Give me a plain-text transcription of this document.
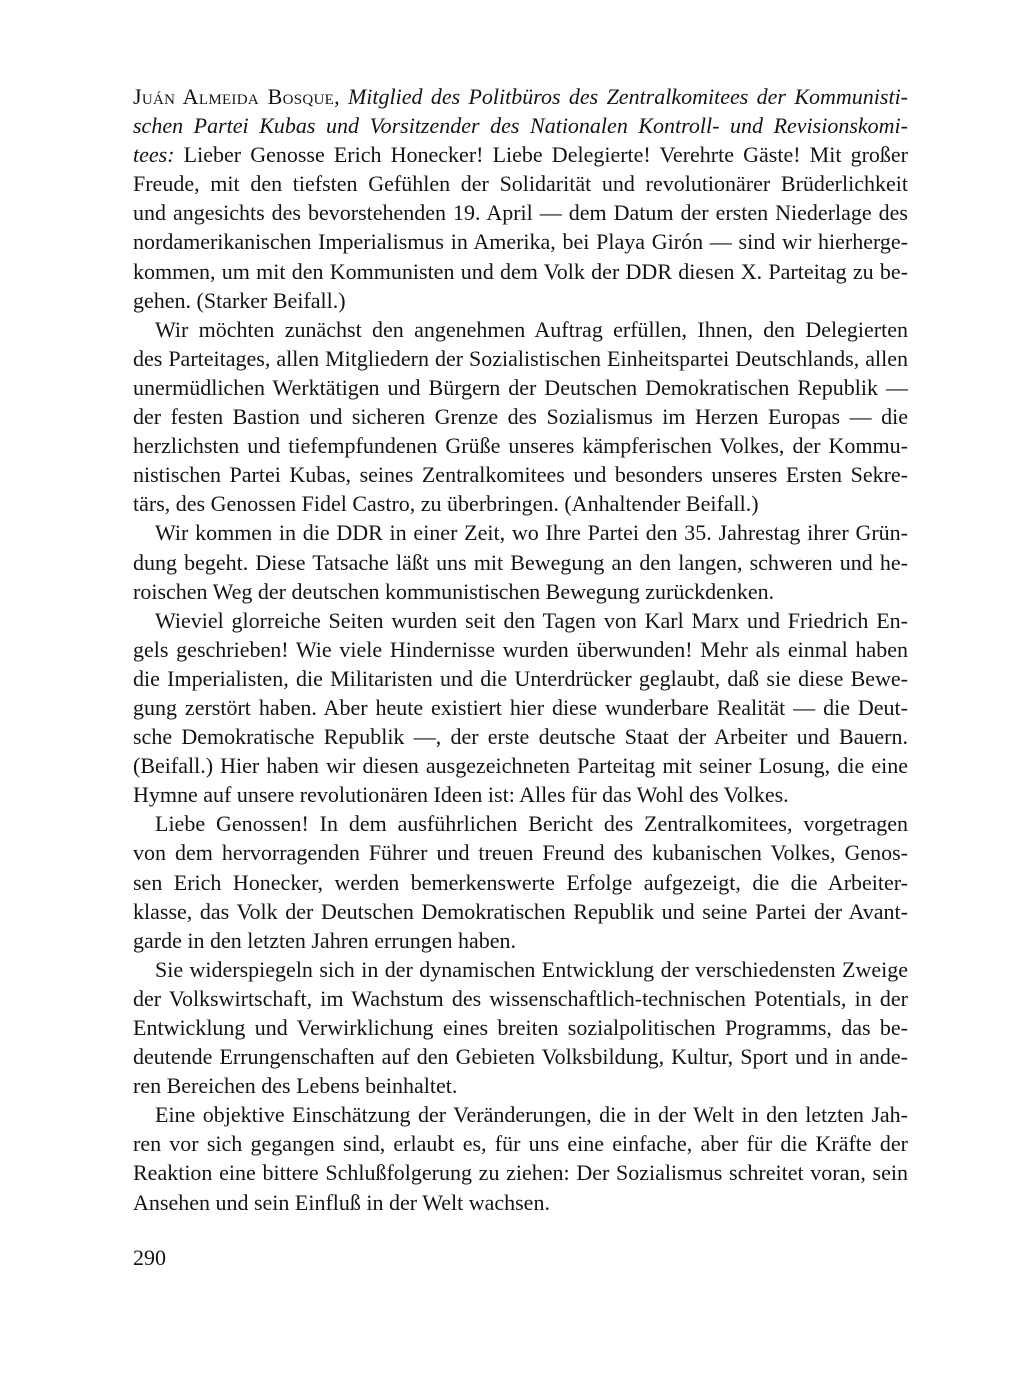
Juán Almeida Bosque, Mitglied des Politbüros des Zentralkomitees der Kommunisti-
schen Partei Kubas und Vorsitzender des Nationalen Kontroll- und Revisionskomi-
tees: Lieber Genosse Erich Honecker! Liebe Delegierte! Verehrte Gäste! Mit großer
Freude, mit den tiefsten Gefühlen der Solidarität und revolutionärer Brüderlichkeit
und angesichts des bevorstehenden 19. April — dem Datum der ersten Niederlage des
nordamerikanischen Imperialismus in Amerika, bei Playa Girón — sind wir hierherge-
kommen, um mit den Kommunisten und dem Volk der DDR diesen X. Parteitag zu be-
gehen. (Starker Beifall.)
Wir möchten zunächst den angenehmen Auftrag erfüllen, Ihnen, den Delegierten
des Parteitages, allen Mitgliedern der Sozialistischen Einheitspartei Deutschlands, allen
unermüdlichen Werktätigen und Bürgern der Deutschen Demokratischen Republik —
der festen Bastion und sicheren Grenze des Sozialismus im Herzen Europas — die
herzlichsten und tiefempfundenen Grüße unseres kämpferischen Volkes, der Kommu-
nistischen Partei Kubas, seines Zentralkomitees und besonders unseres Ersten Sekre-
tärs, des Genossen Fidel Castro, zu überbringen. (Anhaltender Beifall.)
Wir kommen in die DDR in einer Zeit, wo Ihre Partei den 35. Jahrestag ihrer Grün-
dung begeht. Diese Tatsache läßt uns mit Bewegung an den langen, schweren und he-
roischen Weg der deutschen kommunistischen Bewegung zurückdenken.
Wieviel glorreiche Seiten wurden seit den Tagen von Karl Marx und Friedrich En-
gels geschrieben! Wie viele Hindernisse wurden überwunden! Mehr als einmal haben
die Imperialisten, die Militaristen und die Unterdrücker geglaubt, daß sie diese Bewe-
gung zerstört haben. Aber heute existiert hier diese wunderbare Realität — die Deut-
sche Demokratische Republik —, der erste deutsche Staat der Arbeiter und Bauern.
(Beifall.) Hier haben wir diesen ausgezeichneten Parteitag mit seiner Losung, die eine
Hymne auf unsere revolutionären Ideen ist: Alles für das Wohl des Volkes.
Liebe Genossen! In dem ausführlichen Bericht des Zentralkomitees, vorgetragen
von dem hervorragenden Führer und treuen Freund des kubanischen Volkes, Genos-
sen Erich Honecker, werden bemerkenswerte Erfolge aufgezeigt, die die Arbeiter-
klasse, das Volk der Deutschen Demokratischen Republik und seine Partei der Avant-
garde in den letzten Jahren errungen haben.
Sie widerspiegeln sich in der dynamischen Entwicklung der verschiedensten Zweige
der Volkswirtschaft, im Wachstum des wissenschaftlich-technischen Potentials, in der
Entwicklung und Verwirklichung eines breiten sozialpolitischen Programms, das be-
deutende Errungenschaften auf den Gebieten Volksbildung, Kultur, Sport und in ande-
ren Bereichen des Lebens beinhaltet.
Eine objektive Einschätzung der Veränderungen, die in der Welt in den letzten Jah-
ren vor sich gegangen sind, erlaubt es, für uns eine einfache, aber für die Kräfte der
Reaktion eine bittere Schlußfolgerung zu ziehen: Der Sozialismus schreitet voran, sein
Ansehen und sein Einfluß in der Welt wachsen.
290
